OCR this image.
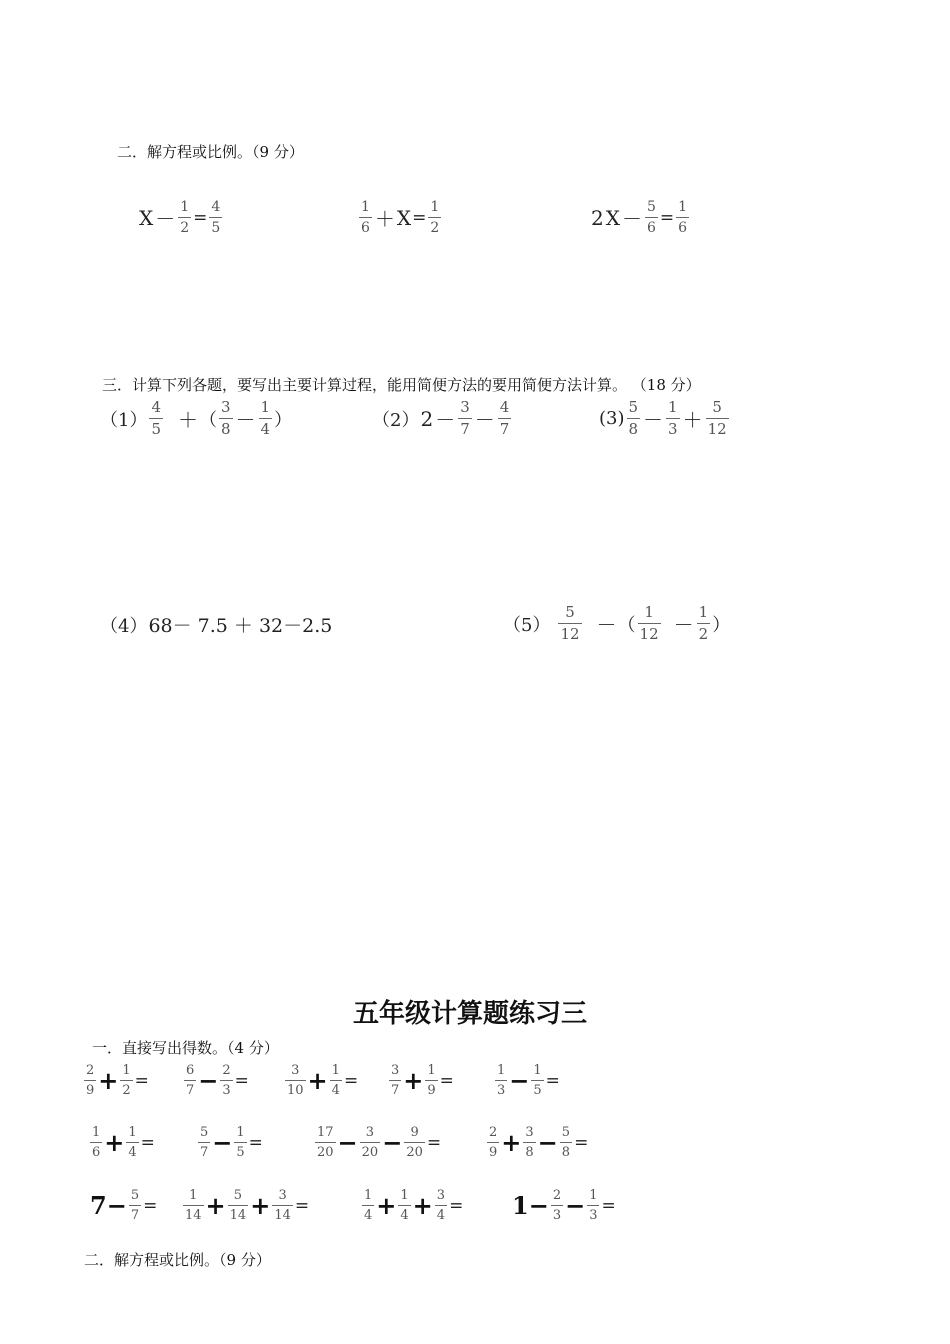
二．解方程或比例。（9 分）
$X - \frac{1}{2} = \frac{4}{5}$	$\frac{1}{6} + X = \frac{1}{2}$	2 $X - \frac{5}{6} = \frac{1}{6}$
三．计算下列各题，要写出主要计算过程，能用简便方法的要用简便方法计算。 （18 分）
$(1) \frac{4}{5}$ ＋ （ $\frac{3}{8} - \frac{1}{4}$ ）	（2） $2 - \frac{3}{7} - \frac{4}{7}$	$(3) \frac{5}{8} - \frac{1}{3} + \frac{5}{12}$
（4） 68－ 7.5 ＋ 32－2.5	$(5) \frac{5}{12}$ － （ $\frac{1}{12} - \frac{1}{2}$ ）
五年级计算题练习三
一．直接写出得数。（4 分）
$\frac{2}{9} + \frac{1}{2}$ =	$\frac{6}{7} - \frac{2}{3}$ =	$\frac{3}{10} + \frac{1}{4} = \frac{3}{7} + \frac{1}{9}$ =	$\frac{1}{3} - \frac{1}{5}$ =
$\frac{1}{6} + \frac{1}{4}$ =	$\frac{5}{7} - \frac{1}{5}$ =	$\frac{17}{20} - \frac{3}{20} - \frac{9}{20}$ =	$\frac{2}{9} + \frac{3}{8} - \frac{5}{8}$ =
$7 - \frac{5}{7} = \frac{1}{14} + \frac{5}{14} + \frac{3}{14}$ =	$\frac{1}{4} + \frac{1}{4} + \frac{3}{4} = 1 - \frac{2}{3} - \frac{1}{3}$ =
二．解方程或比例。（9 分）
